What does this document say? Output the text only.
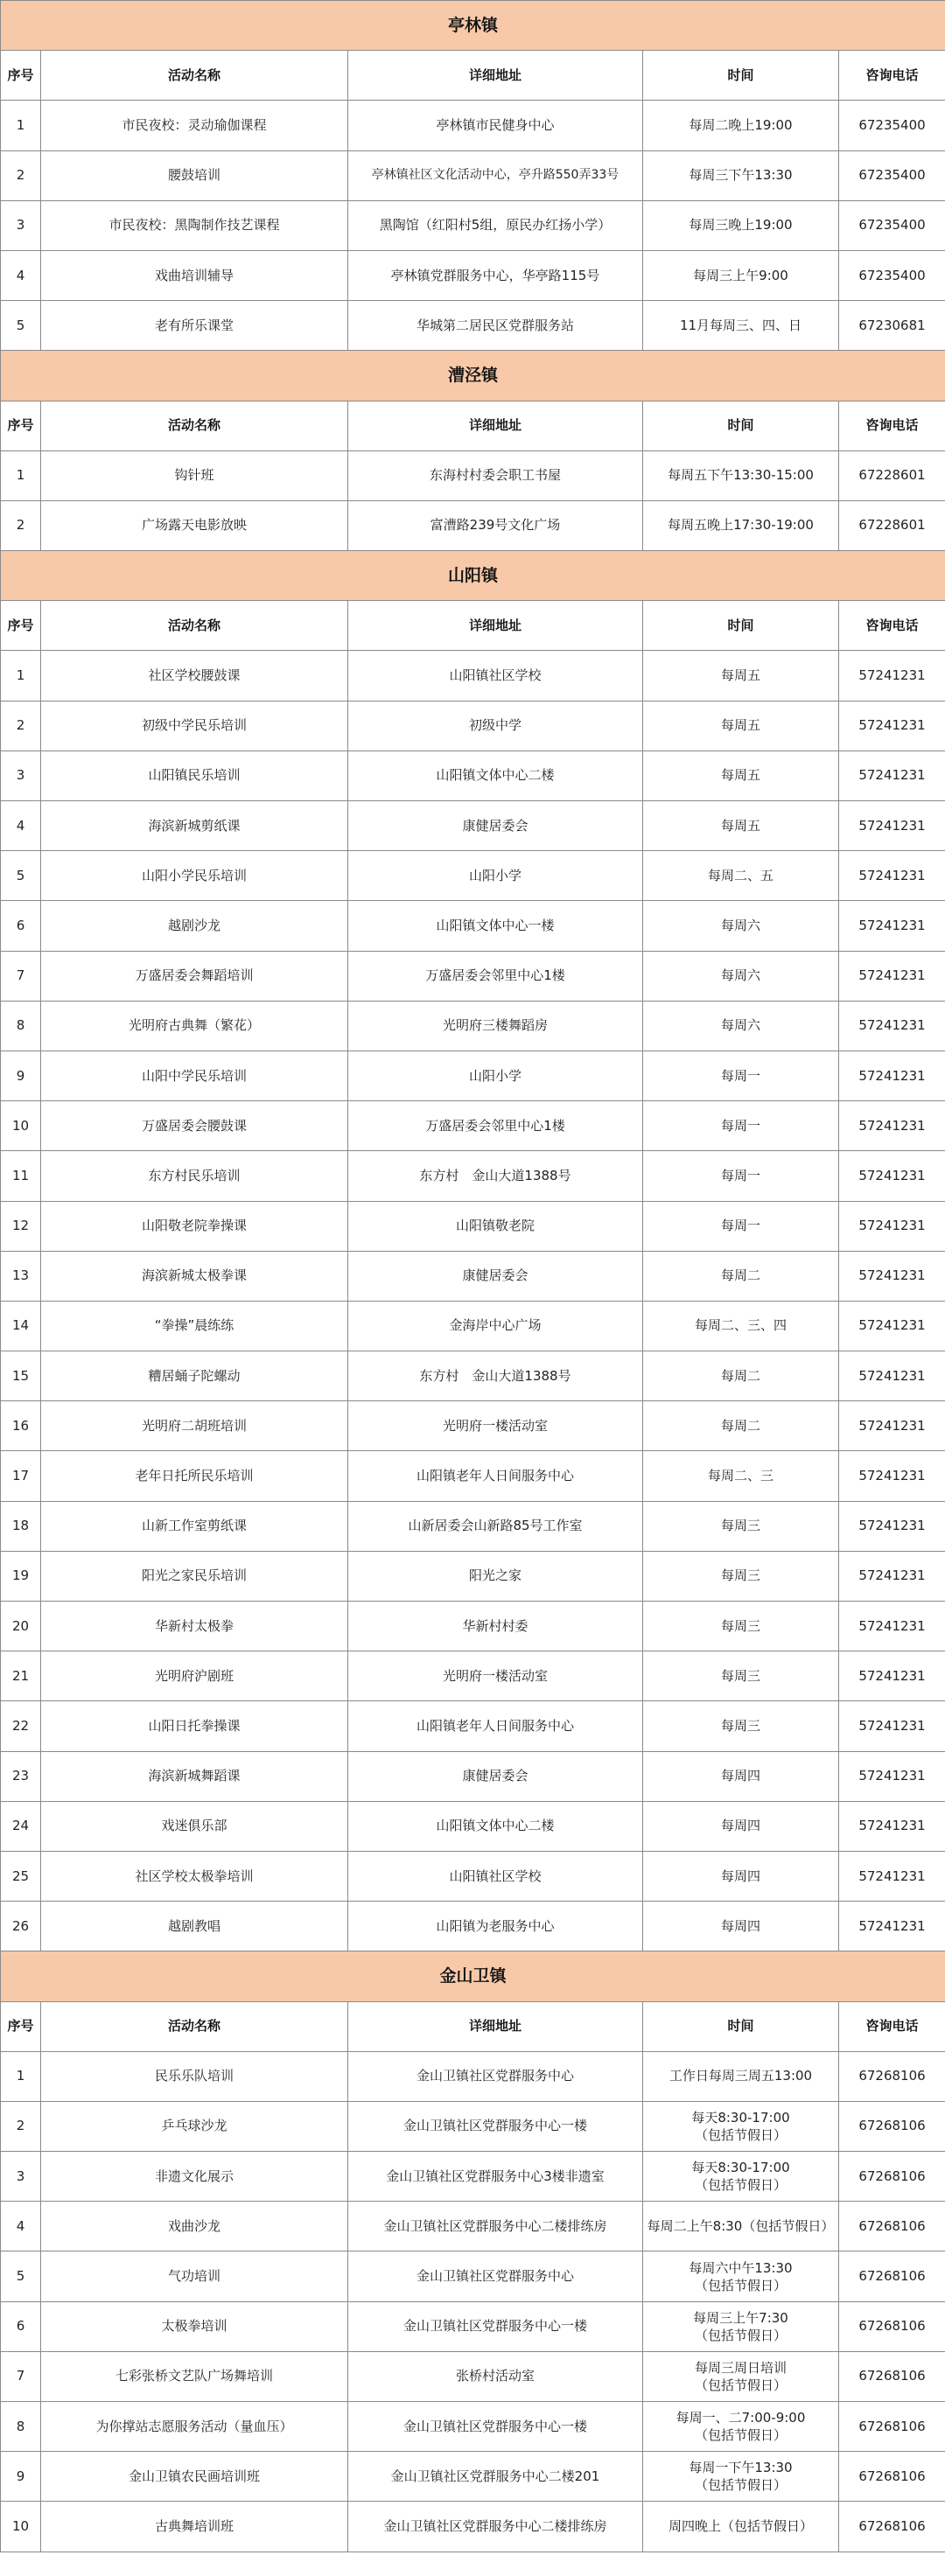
亭林镇				
序号	活动名称	详细地址	时间	咨询电话
1	市民夜校：灵动瑜伽课程	亭林镇市民健身中心	每周二晚上19:00	67235400
2	腰鼓培训	亭林镇社区文化活动中心，亭升路550弄33号	每周三下午13:30	67235400
3	市民夜校：黑陶制作技艺课程	黑陶馆（红阳村5组，原民办红扬小学）	每周三晚上19:00	67235400
4	戏曲培训辅导	亭林镇党群服务中心，华亭路115号	每周三上午9:00	67235400
5	老有所乐课堂	华城第二居民区党群服务站	11月每周三、四、日	67230681
漕泾镇				
序号	活动名称	详细地址	时间	咨询电话
1	钩针班	东海村村委会职工书屋	每周五下午13:30-15:00	67228601
2	广场露天电影放映	富漕路239号文化广场	每周五晚上17:30-19:00	67228601
山阳镇				
序号	活动名称	详细地址	时间	咨询电话
1	社区学校腰鼓课	山阳镇社区学校	每周五	57241231
2	初级中学民乐培训	初级中学	每周五	57241231
3	山阳镇民乐培训	山阳镇文体中心二楼	每周五	57241231
4	海滨新城剪纸课	康健居委会	每周五	57241231
5	山阳小学民乐培训	山阳小学	每周二、五	57241231
6	越剧沙龙	山阳镇文体中心一楼	每周六	57241231
7	万盛居委会舞蹈培训	万盛居委会邻里中心1楼	每周六	57241231
8	光明府古典舞（繁花）	光明府三楼舞蹈房	每周六	57241231
9	山阳中学民乐培训	山阳小学	每周一	57241231
10	万盛居委会腰鼓课	万盛居委会邻里中心1楼	每周一	57241231
11	东方村民乐培训	东方村　金山大道1388号	每周一	57241231
12	山阳敬老院拳操课	山阳镇敬老院	每周一	57241231
13	海滨新城太极拳课	康健居委会	每周二	57241231
14	“拳操”晨练练	金海岸中心广场	每周二、三、四	57241231
15	糟居蛹子陀螺动	东方村　金山大道1388号	每周二	57241231
16	光明府二胡班培训	光明府一楼活动室	每周二	57241231
17	老年日托所民乐培训	山阳镇老年人日间服务中心	每周二、三	57241231
18	山新工作室剪纸课	山新居委会山新路85号工作室	每周三	57241231
19	阳光之家民乐培训	阳光之家	每周三	57241231
20	华新村太极拳	华新村村委	每周三	57241231
21	光明府沪剧班	光明府一楼活动室	每周三	57241231
22	山阳日托拳操课	山阳镇老年人日间服务中心	每周三	57241231
23	海滨新城舞蹈课	康健居委会	每周四	57241231
24	戏迷俱乐部	山阳镇文体中心二楼	每周四	57241231
25	社区学校太极拳培训	山阳镇社区学校	每周四	57241231
26	越剧教唱	山阳镇为老服务中心	每周四	57241231
金山卫镇				
序号	活动名称	详细地址	时间	咨询电话
1	民乐乐队培训	金山卫镇社区党群服务中心	工作日每周三周五13:00	67268106
2	乒乓球沙龙	金山卫镇社区党群服务中心一楼	每天8:30-17:00
（包括节假日）	67268106
3	非遗文化展示	金山卫镇社区党群服务中心3楼非遗室	每天8:30-17:00
（包括节假日）	67268106
4	戏曲沙龙	金山卫镇社区党群服务中心二楼排练房	每周二上午8:30（包括节假日）	67268106
5	气功培训	金山卫镇社区党群服务中心	每周六中午13:30
（包括节假日）	67268106
6	太极拳培训	金山卫镇社区党群服务中心一楼	每周三上午7:30
（包括节假日）	67268106
7	七彩张桥文艺队广场舞培训	张桥村活动室	每周三周日培训
（包括节假日）	67268106
8	为你撑站志愿服务活动（量血压）	金山卫镇社区党群服务中心一楼	每周一、二7:00-9:00
（包括节假日）	67268106
9	金山卫镇农民画培训班	金山卫镇社区党群服务中心二楼201	每周一下午13:30
（包括节假日）	67268106
10	古典舞培训班	金山卫镇社区党群服务中心二楼排练房	周四晚上（包括节假日）	67268106
